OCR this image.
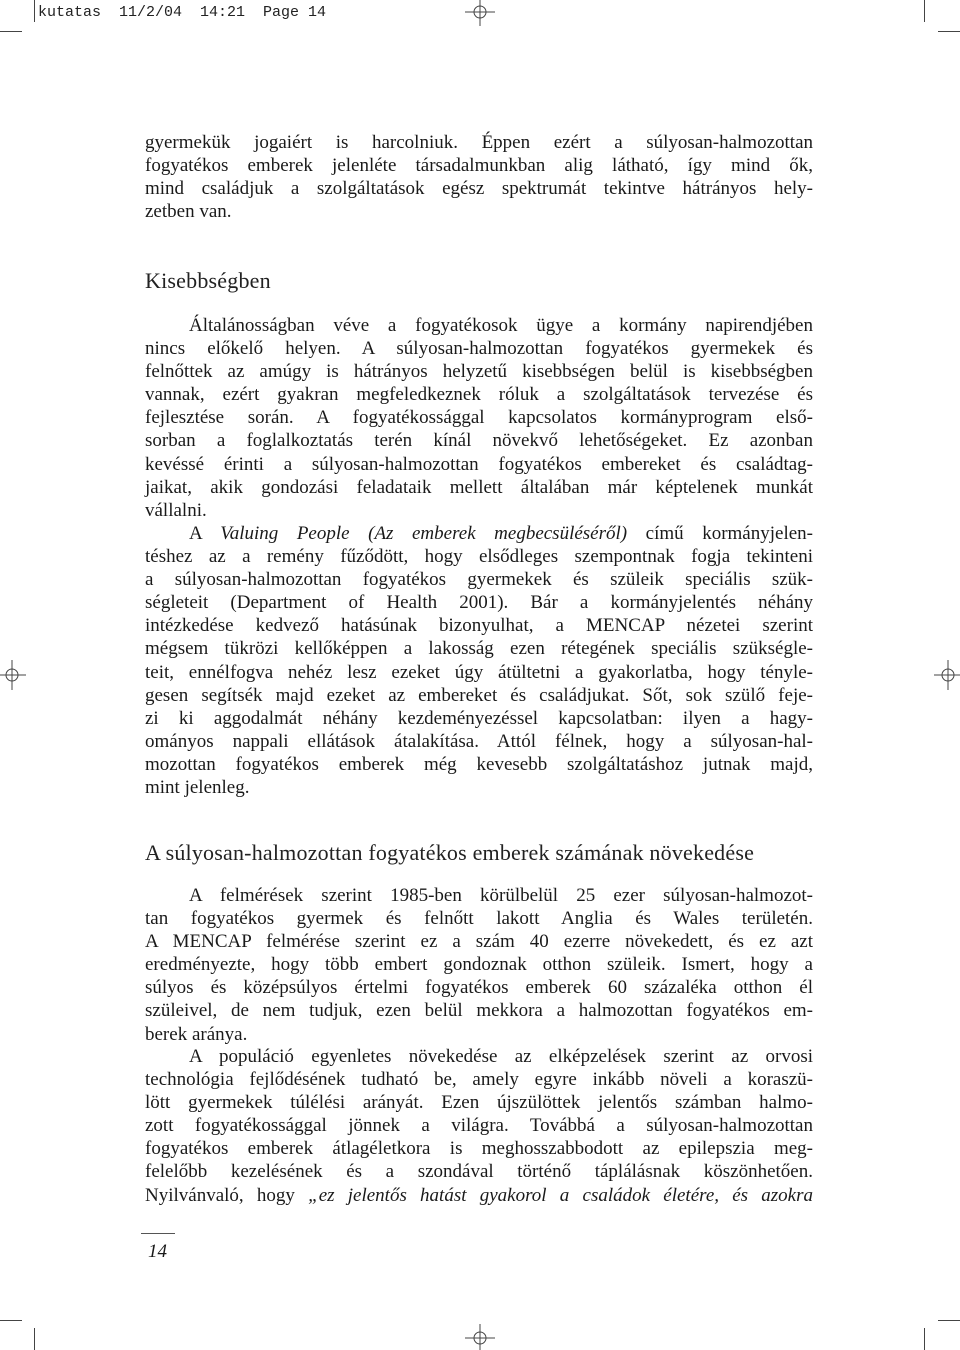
kutatas  11/2/04  14:21  Page 14

gyermekük jogaiért is harcolniuk. Éppen ezért a súlyosan-halmozottan

fogyatékos emberek jelenléte társadalmunkban alig látható, így mind ők,

mind családjuk a szolgáltatások egész spektrumát tekintve hátrányos hely-

zetben van.

Kisebbségben

Általánosságban véve a fogyatékosok ügye a kormány napirendjében

nincs előkelő helyen. A súlyosan-halmozottan fogyatékos gyermekek és

felnőttek az amúgy is hátrányos helyzetű kisebbségen belül is kisebbségben

vannak, ezért gyakran megfeledkeznek róluk a szolgáltatások tervezése és

fejlesztése során. A fogyatékossággal kapcsolatos kormányprogram első-

sorban a foglalkoztatás terén kínál növekvő lehetőségeket. Ez azonban

kevéssé érinti a súlyosan-halmozottan fogyatékos embereket és családtag-

jaikat, akik gondozási feladataik mellett általában már képtelenek munkát

vállalni.

A Valuing People (Az emberek megbecsüléséről) című kormányjelen-

téshez az a remény fűződött, hogy elsődleges szempontnak fogja tekinteni

a súlyosan-halmozottan fogyatékos gyermekek és szüleik speciális szük-

ségleteit (Department of Health 2001). Bár a kormányjelentés néhány

intézkedése kedvező hatásúnak bizonyulhat, a MENCAP nézetei szerint

mégsem tükrözi kellőképpen a lakosság ezen rétegének speciális szükségle-

teit, ennélfogva nehéz lesz ezeket úgy átültetni a gyakorlatba, hogy tényle-

gesen segítsék majd ezeket az embereket és családjukat. Sőt, sok szülő feje-

zi ki aggodalmát néhány kezdeményezéssel kapcsolatban: ilyen a hagy-

ományos nappali ellátások átalakítása. Attól félnek, hogy a súlyosan-hal-

mozottan fogyatékos emberek még kevesebb szolgáltatáshoz jutnak majd,

mint jelenleg.

A súlyosan-halmozottan fogyatékos emberek számának növekedése

A felmérések szerint 1985-ben körülbelül 25 ezer súlyosan-halmozot-

tan fogyatékos gyermek és felnőtt lakott Anglia és Wales területén.

A MENCAP felmérése szerint ez a szám 40 ezerre növekedett, és ez azt

eredményezte, hogy több embert gondoznak otthon szüleik. Ismert, hogy a

súlyos és középsúlyos értelmi fogyatékos emberek 60 százaléka otthon él

szüleivel, de nem tudjuk, ezen belül mekkora a halmozottan fogyatékos em-

berek aránya.

A populáció egyenletes növekedése az elképzelések szerint az orvosi

technológia fejlődésének tudható be, amely egyre inkább növeli a koraszü-

lött gyermekek túlélési arányát. Ezen újszülöttek jelentős számban halmo-

zott fogyatékossággal jönnek a világra. Továbbá a súlyosan-halmozottan

fogyatékos emberek átlagéletkora is meghosszabbodott az epilepszia meg-

felelőbb kezelésének és a szondával történő táplálásnak köszönhetően.

Nyilvánvaló, hogy „ez jelentős hatást gyakorol a családok életére, és azokra

14
